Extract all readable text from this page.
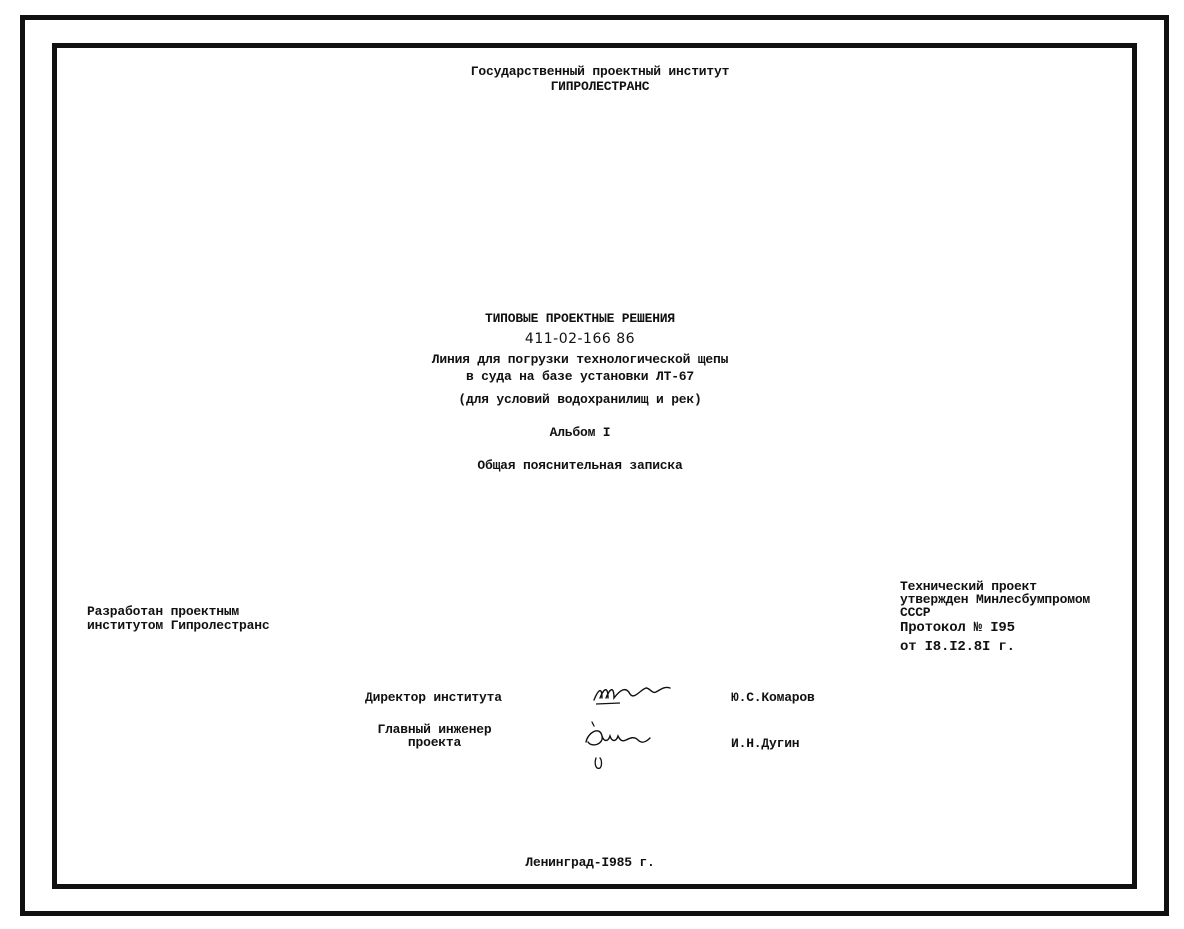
Государственный проектный институт
ГИПРОЛЕСТРАНС
ТИПОВЫЕ ПРОЕКТНЫЕ РЕШЕНИЯ
411-02-166 86
Линия для погрузки технологической щепы
в суда на базе установки ЛТ-67
(для условий водохранилищ и рек)
Альбом I
Общая пояснительная записка
Разработан проектным
институтом Гипролестранс
Технический проект
утвержден Минлесбумпромом
СССР
Протокол № I95
от I8.I2.8I г.
Директор института	Ю.С.Комаров
Главный инженер проекта	И.Н.Дугин
Ленинград-I985 г.
